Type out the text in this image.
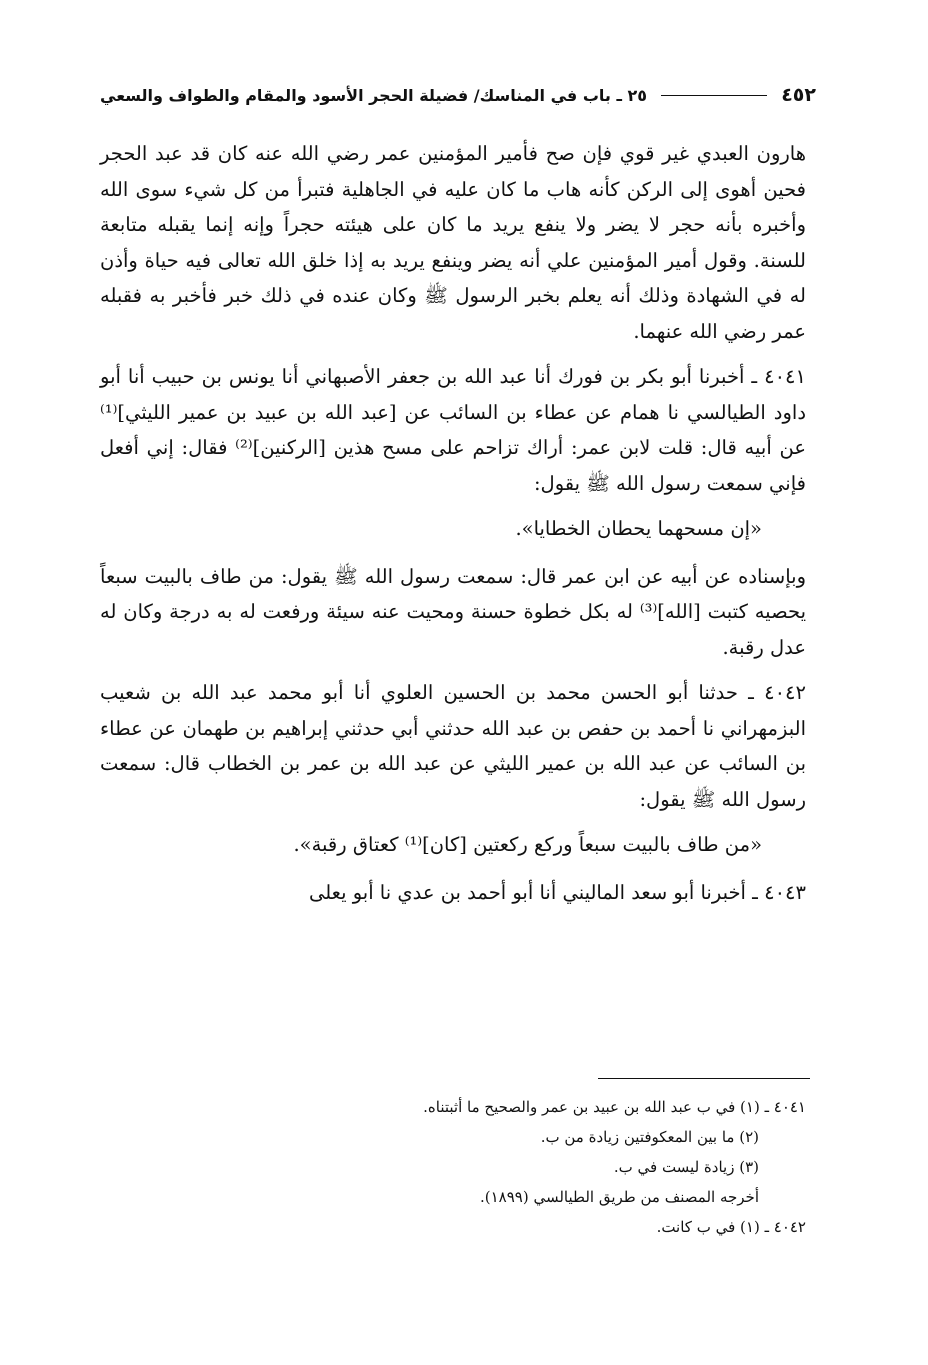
٤٥٢
٢٥ ـ باب في المناسك/ فضيلة الحجر الأسود والمقام والطواف والسعي

هارون العبدي غير قوي فإن صح فأمير المؤمنين عمر رضي الله عنه كان قد عبد الحجر فحين أهوى إلى الركن كأنه هاب ما كان عليه في الجاهلية فتبرأ من كل شيء سوى الله وأخبره بأنه حجر لا يضر ولا ينفع يريد ما كان على هيئته حجراً وإنه إنما يقبله متابعة للسنة. وقول أمير المؤمنين علي أنه يضر وينفع يريد به إذا خلق الله تعالى فيه حياة وأذن له في الشهادة وذلك أنه يعلم بخبر الرسول ﷺ وكان عنده في ذلك خبر فأخبر به فقبله عمر رضي الله عنهما.

٤٠٤١ ـ أخبرنا أبو بكر بن فورك أنا عبد الله بن جعفر الأصبهاني أنا يونس بن حبيب أنا أبو داود الطيالسي نا همام عن عطاء بن السائب عن [عبد الله بن عبيد بن عمير الليثي]⁽¹⁾ عن أبيه قال: قلت لابن عمر: أراك تزاحم على مسح هذين [الركنين]⁽²⁾ فقال: إني أفعل فإني سمعت رسول الله ﷺ يقول:

«إن مسحهما يحطان الخطايا».

وبإسناده عن أبيه عن ابن عمر قال: سمعت رسول الله ﷺ يقول: من طاف بالبيت سبعاً يحصيه كتبت [الله]⁽³⁾ له بكل خطوة حسنة ومحيت عنه سيئة ورفعت له به درجة وكان له عدل رقبة.

٤٠٤٢ ـ حدثنا أبو الحسن محمد بن الحسين العلوي أنا أبو محمد عبد الله بن شعيب البزمهراني نا أحمد بن حفص بن عبد الله حدثني أبي حدثني إبراهيم بن طهمان عن عطاء بن السائب عن عبد الله بن عمير الليثي عن عبد الله بن عمر بن الخطاب قال: سمعت رسول الله ﷺ يقول:

«من طاف بالبيت سبعاً وركع ركعتين [كان]⁽¹⁾ كعتاق رقبة».

٤٠٤٣ ـ أخبرنا أبو سعد الماليني أنا أبو أحمد بن عدي نا أبو يعلى

٤٠٤١ ـ (١) في ب عبد الله بن عبيد بن عمر والصحيح ما أثبتناه.

(٢) ما بين المعكوفتين زيادة من ب.

(٣) زيادة ليست في ب.

أخرجه المصنف من طريق الطيالسي (١٨٩٩).

٤٠٤٢ ـ (١) في ب كانت.
